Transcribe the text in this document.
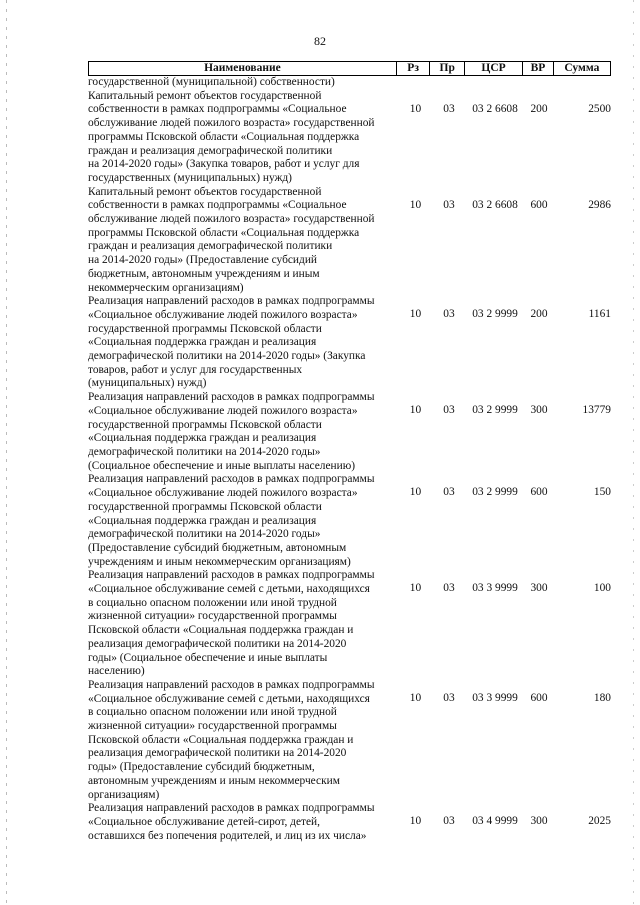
82
Наименование	Рз	Пр	ЦСР	ВР	Сумма
государственной (муниципальной) собственности)
Капитальный ремонт объектов государственной
собственности в рамках подпрограммы «Социальное
обслуживание людей пожилого возраста» государственной
программы Псковской области «Социальная поддержка
граждан и реализация демографической политики
на 2014-2020 годы» (Закупка товаров, работ и услуг для
государственных (муниципальных) нужд)
10	03	03 2 6608	200	2500
Капитальный ремонт объектов государственной
собственности в рамках подпрограммы «Социальное
обслуживание людей пожилого возраста» государственной
программы Псковской области «Социальная поддержка
граждан и реализация демографической политики
на 2014-2020 годы» (Предоставление субсидий
бюджетным, автономным учреждениям и иным
некоммерческим организациям)
10	03	03 2 6608	600	2986
Реализация направлений расходов в рамках подпрограммы
«Социальное обслуживание людей пожилого возраста»
государственной программы Псковской области
«Социальная поддержка граждан и реализация
демографической политики на 2014-2020 годы» (Закупка
товаров, работ и услуг для государственных
(муниципальных) нужд)
10	03	03 2 9999	200	1161
Реализация направлений расходов в рамках подпрограммы
«Социальное обслуживание людей пожилого возраста»
государственной программы Псковской области
«Социальная поддержка граждан и реализация
демографической политики на 2014-2020 годы»
(Социальное обеспечение и иные выплаты населению)
10	03	03 2 9999	300	13779
Реализация направлений расходов в рамках подпрограммы
«Социальное обслуживание людей пожилого возраста»
государственной программы Псковской области
«Социальная поддержка граждан и реализация
демографической политики на 2014-2020 годы»
(Предоставление субсидий бюджетным, автономным
учреждениям и иным некоммерческим организациям)
10	03	03 2 9999	600	150
Реализация направлений расходов в рамках подпрограммы
«Социальное обслуживание семей с детьми, находящихся
в социально опасном положении или иной трудной
жизненной ситуации» государственной программы
Псковской области «Социальная поддержка граждан и
реализация демографической политики на 2014-2020
годы» (Социальное обеспечение и иные выплаты
населению)
10	03	03 3 9999	300	100
Реализация направлений расходов в рамках подпрограммы
«Социальное обслуживание семей с детьми, находящихся
в социально опасном положении или иной трудной
жизненной ситуации» государственной программы
Псковской области «Социальная поддержка граждан и
реализация демографической политики на 2014-2020
годы» (Предоставление субсидий бюджетным,
автономным учреждениям и иным некоммерческим
организациям)
10	03	03 3 9999	600	180
Реализация направлений расходов в рамках подпрограммы
«Социальное обслуживание детей-сирот, детей,
оставшихся без попечения родителей, и лиц из их числа»
10	03	03 4 9999	300	2025
